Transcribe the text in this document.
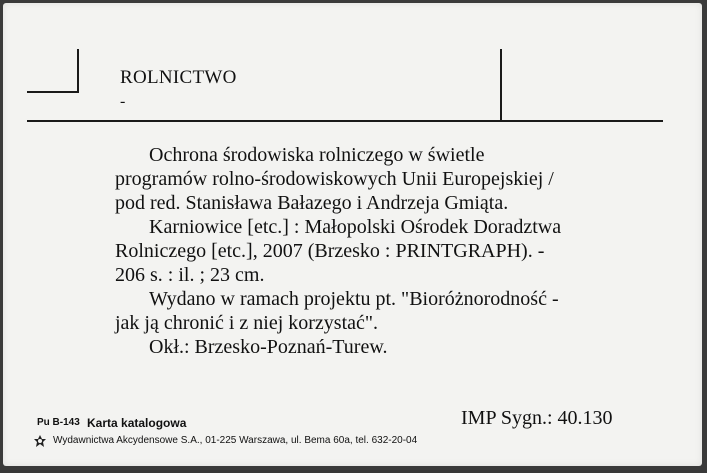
ROLNICTWO
-
Ochrona środowiska rolniczego w świetle
programów rolno-środowiskowych Unii Europejskiej /
pod red. Stanisława Bałazego i Andrzeja Gmiąta.
Karniowice [etc.] : Małopolski Ośrodek Doradztwa
Rolniczego [etc.], 2007 (Brzesko : PRINTGRAPH). -
206 s. : il. ; 23 cm.
Wydano w ramach projektu pt. "Bioróżnorodność -
jak ją chronić i z niej korzystać".
Okł.: Brzesko-Poznań-Turew.
Pu B-143 Karta katalogowa	IMP Sygn.: 40.130
Wydawnictwa Akcydensowe S.A., 01-225 Warszawa, ul. Bema 60a, tel. 632-20-04
